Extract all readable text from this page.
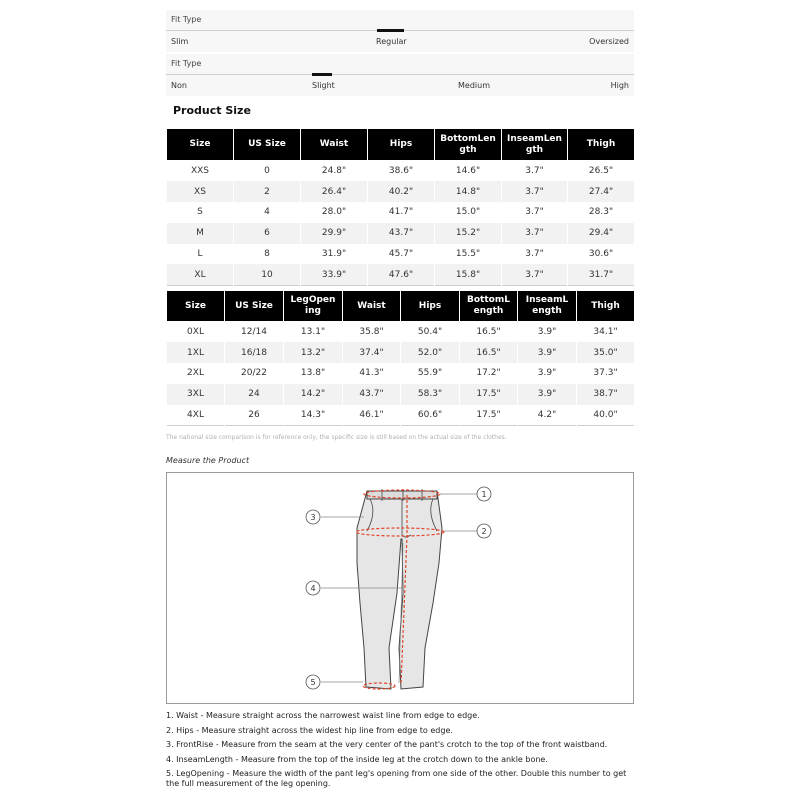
Fit Type
Slim	Regular	Oversized
Fit Type
Non	Slight	Medium	High
Product Size
Size	US Size	Waist	Hips	BottomLen gth	InseamLen gth	Thigh
XXS	0	24.8"	38.6"	14.6"	3.7"	26.5"
XS	2	26.4"	40.2"	14.8"	3.7"	27.4"
S	4	28.0"	41.7"	15.0"	3.7"	28.3"
M	6	29.9"	43.7"	15.2"	3.7"	29.4"
L	8	31.9"	45.7"	15.5"	3.7"	30.6"
XL	10	33.9"	47.6"	15.8"	3.7"	31.7"
Size	US Size	LegOpen ing	Waist	Hips	BottomL ength	InseamL ength	Thigh
0XL	12/14	13.1"	35.8"	50.4"	16.5"	3.9"	34.1"
1XL	16/18	13.2"	37.4"	52.0"	16.5"	3.9"	35.0"
2XL	20/22	13.8"	41.3"	55.9"	17.2"	3.9"	37.3"
3XL	24	14.2"	43.7"	58.3"	17.5"	3.9"	38.7"
4XL	26	14.3"	46.1"	60.6"	17.5"	4.2"	40.0"
The national size comparison is for reference only, the specific size is still based on the actual size of the clothes.
Measure the Product
1
2
3
4
5

1. Waist - Measure straight across the narrowest waist line from edge to edge.

2. Hips - Measure straight across the widest hip line from edge to edge.

3. FrontRise - Measure from the seam at the very center of the pant's crotch to the top of the front waistband.

4. InseamLength - Measure from the top of the inside leg at the crotch down to the ankle bone.

5. LegOpening - Measure the width of the pant leg's opening from one side of the other. Double this number to get the full measurement of the leg opening.
